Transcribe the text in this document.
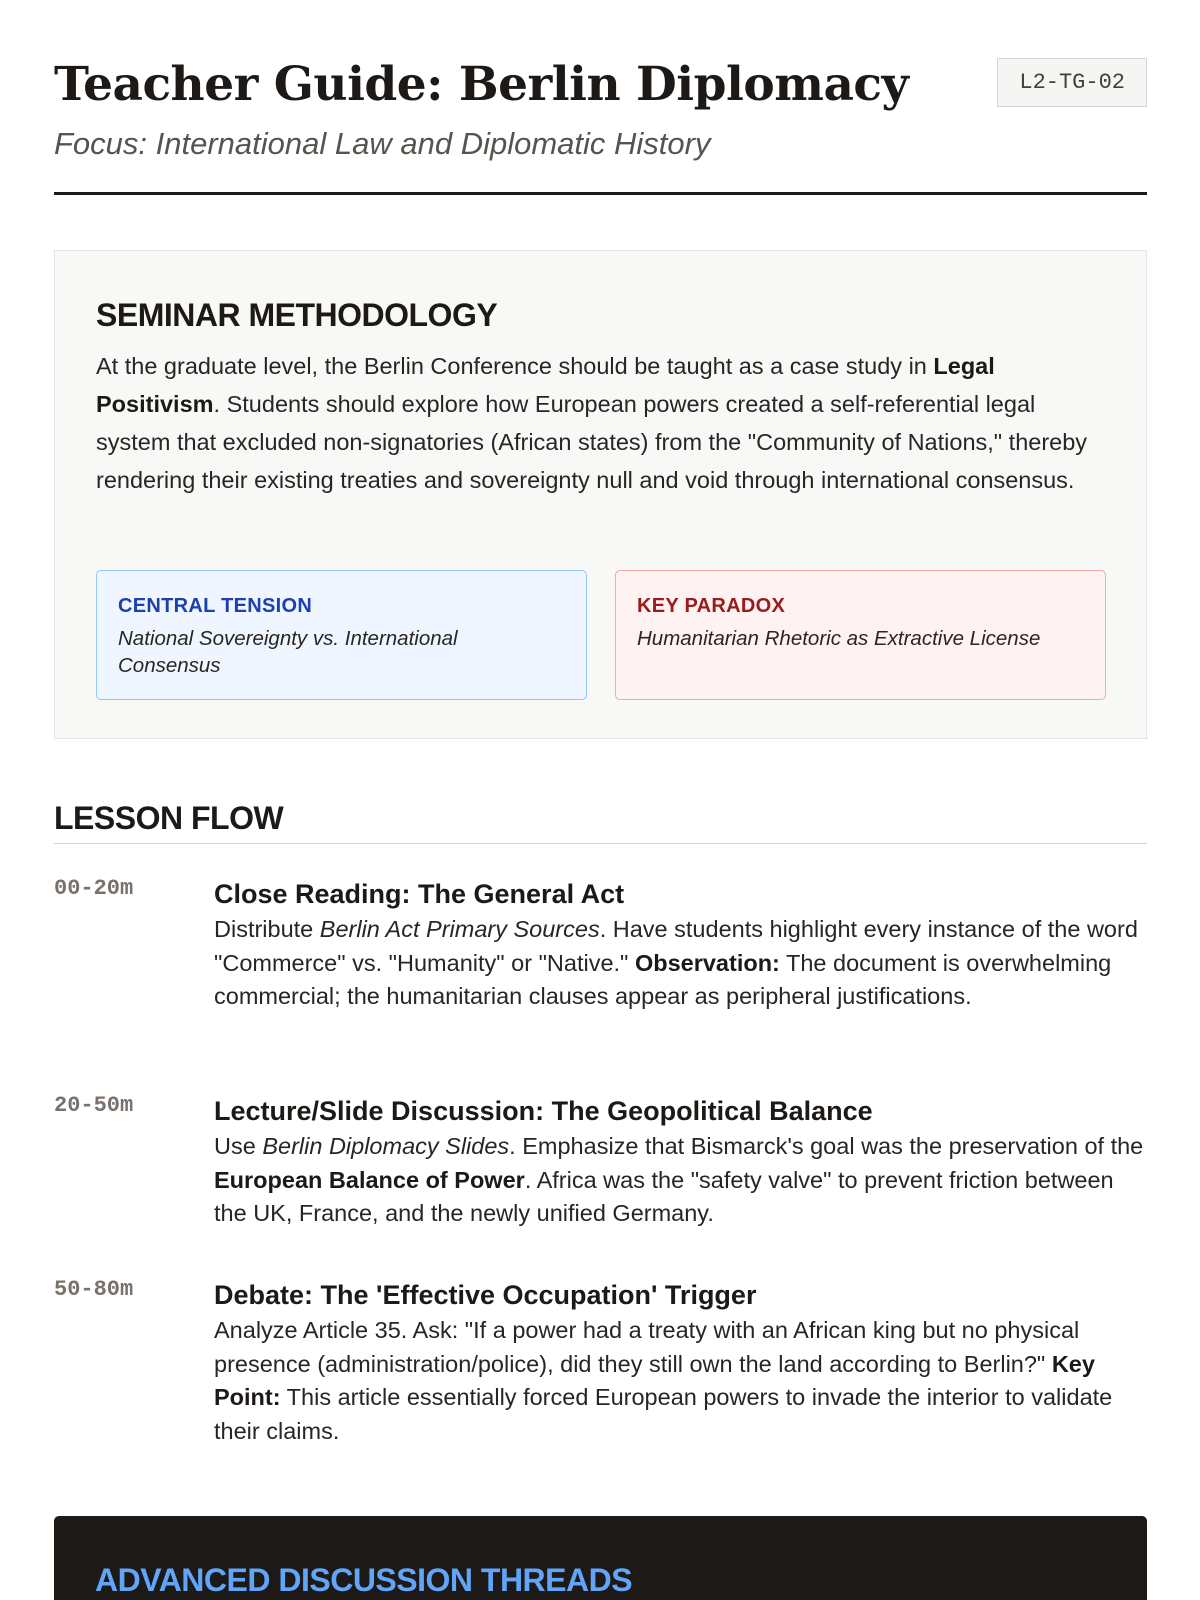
Teacher Guide: Berlin Diplomacy
Focus: International Law and Diplomatic History
L2-TG-02
SEMINAR METHODOLOGY

At the graduate level, the Berlin Conference should be taught as a case study in Legal Positivism. Students should explore how European powers created a self-referential legal system that excluded non-signatories (African states) from the "Community of Nations," thereby rendering their existing treaties and sovereignty null and void through international consensus.

CENTRAL TENSION
National Sovereignty vs. International Consensus
KEY PARADOX
Humanitarian Rhetoric as Extractive License
LESSON FLOW
00-20m	Close Reading: The General Act
Distribute Berlin Act Primary Sources. Have students highlight every instance of the word "Commerce" vs. "Humanity" or "Native." Observation: The document is overwhelming commercial; the humanitarian clauses appear as peripheral justifications.
20-50m	Lecture/Slide Discussion: The Geopolitical Balance
Use Berlin Diplomacy Slides. Emphasize that Bismarck's goal was the preservation of the European Balance of Power. Africa was the "safety valve" to prevent friction between the UK, France, and the newly unified Germany.
50-80m	Debate: The 'Effective Occupation' Trigger
Analyze Article 35. Ask: "If a power had a treaty with an African king but no physical presence (administration/police), did they still own the land according to Berlin?" Key Point: This article essentially forced European powers to invade the interior to validate their claims.
ADVANCED DISCUSSION THREADS
